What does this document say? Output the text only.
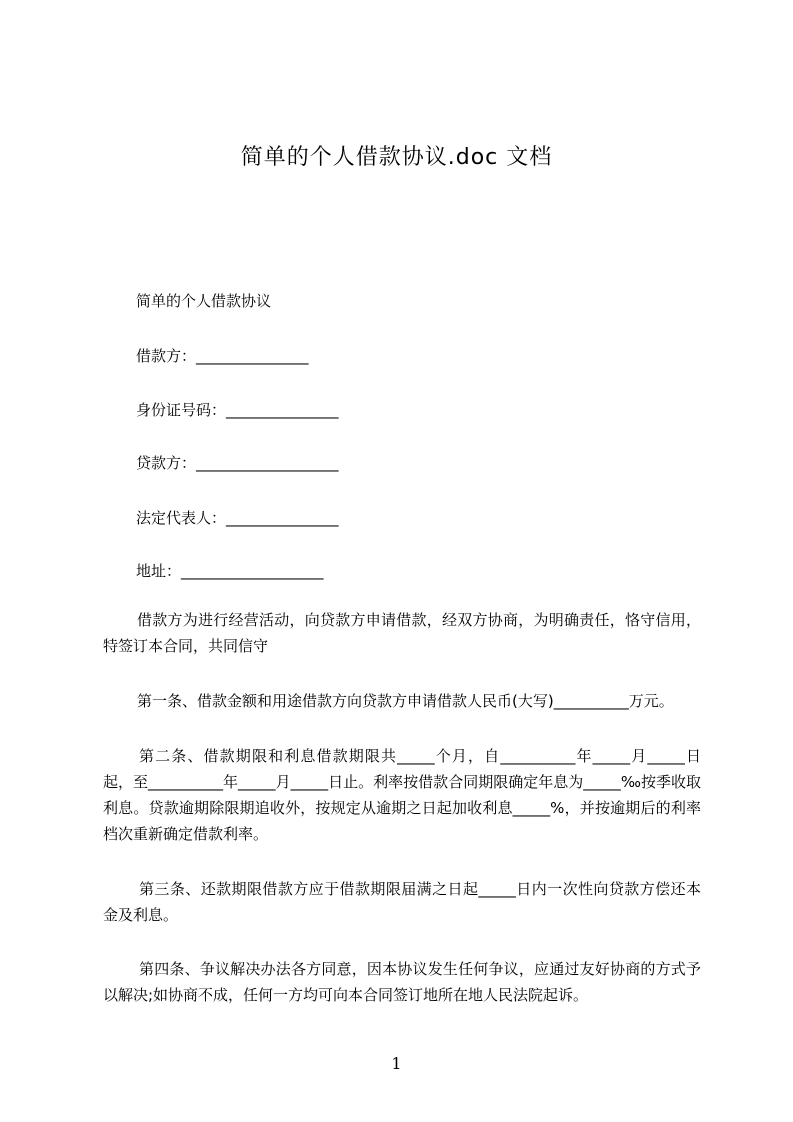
简单的个人借款协议.doc 文档

简单的个人借款协议

借款方：_______________

身份证号码：_______________

贷款方：___________________

法定代表人：_______________

地址：___________________

借款方为进行经营活动，向贷款方申请借款，经双方协商，为明确责任，恪守信用，特签订本合同，共同信守

第一条、借款金额和用途借款方向贷款方申请借款人民币(大写)__________万元。

第二条、借款期限和利息借款期限共_____个月，自__________年_____月_____日起，至__________年_____月_____日止。利率按借款合同期限确定年息为_____‰按季收取利息。贷款逾期除限期追收外，按规定从逾期之日起加收利息_____%，并按逾期后的利率档次重新确定借款利率。

第三条、还款期限借款方应于借款期限届满之日起_____日内一次性向贷款方偿还本金及利息。

第四条、争议解决办法各方同意，因本协议发生任何争议，应通过友好协商的方式予以解决;如协商不成，任何一方均可向本合同签订地所在地人民法院起诉。

1
